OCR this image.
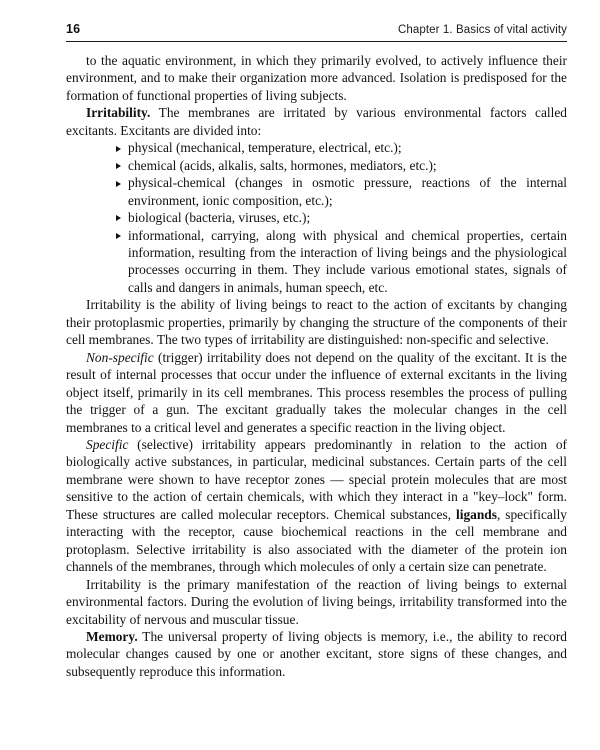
16	Chapter 1. Basics of vital activity

to the aquatic environment, in which they primarily evolved, to actively influence their environment, and to make their organization more advanced. Isolation is predisposed for the formation of functional properties of living subjects.

Irritability. The membranes are irritated by various environmental factors called excitants. Excitants are divided into:

physical (mechanical, temperature, electrical, etc.);
chemical (acids, alkalis, salts, hormones, mediators, etc.);
physical-chemical (changes in osmotic pressure, reactions of the internal environment, ionic composition, etc.);
biological (bacteria, viruses, etc.);
informational, carrying, along with physical and chemical properties, certain information, resulting from the interaction of living beings and the physiological processes occurring in them. They include various emotional states, signals of calls and dangers in animals, human speech, etc.

Irritability is the ability of living beings to react to the action of excitants by changing their protoplasmic properties, primarily by changing the structure of the components of their cell membranes. The two types of irritability are distinguished: non-specific and selective.

Non-specific (trigger) irritability does not depend on the quality of the excitant. It is the result of internal processes that occur under the influence of external excitants in the living object itself, primarily in its cell membranes. This process resembles the process of pulling the trigger of a gun. The excitant gradually takes the molecular changes in the cell membranes to a critical level and generates a specific reaction in the living object.

Specific (selective) irritability appears predominantly in relation to the action of biologically active substances, in particular, medicinal substances. Certain parts of the cell membrane were shown to have receptor zones — special protein molecules that are most sensitive to the action of certain chemicals, with which they interact in a "key–lock" form. These structures are called molecular receptors. Chemical substances, ligands, specifically interacting with the receptor, cause biochemical reactions in the cell membrane and protoplasm. Selective irritability is also associated with the diameter of the protein ion channels of the membranes, through which molecules of only a certain size can penetrate.

Irritability is the primary manifestation of the reaction of living beings to external environmental factors. During the evolution of living beings, irritability transformed into the excitability of nervous and muscular tissue.

Memory. The universal property of living objects is memory, i.e., the ability to record molecular changes caused by one or another excitant, store signs of these changes, and subsequently reproduce this information.
